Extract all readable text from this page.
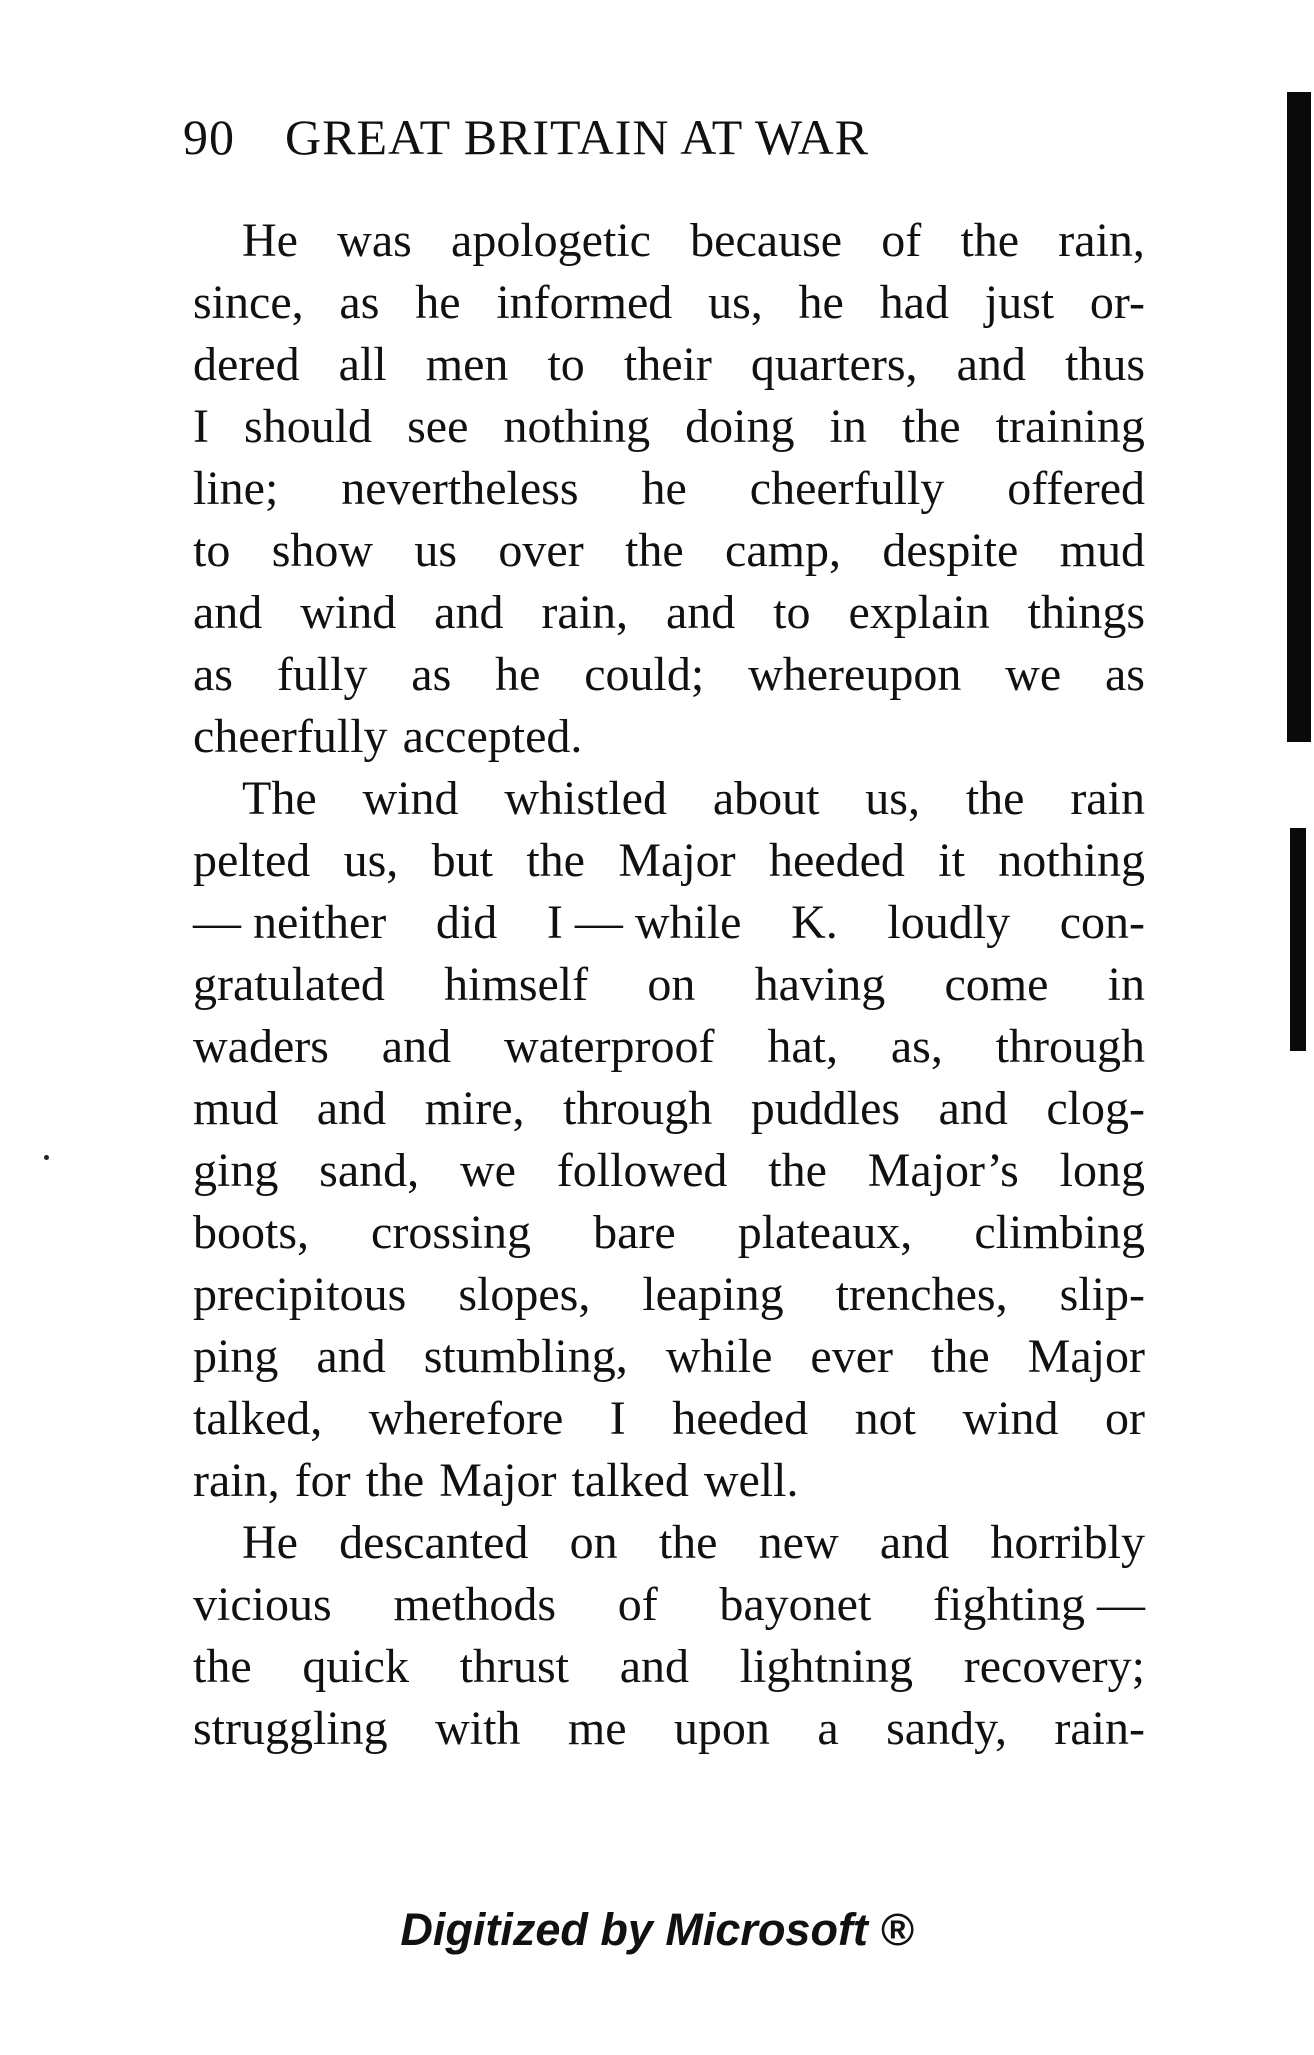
90 GREAT BRITAIN AT WAR
He was apologetic because of the rain,
since, as he informed us, he had just or-
dered all men to their quarters, and thus
I should see nothing doing in the training
line; nevertheless he cheerfully offered
to show us over the camp, despite mud
and wind and rain, and to explain things
as fully as he could; whereupon we as
cheerfully accepted.
The wind whistled about us, the rain
pelted us, but the Major heeded it nothing
— neither did I — while K. loudly con-
gratulated himself on having come in
waders and waterproof hat, as, through
mud and mire, through puddles and clog-
ging sand, we followed the Major’s long
boots, crossing bare plateaux, climbing
precipitous slopes, leaping trenches, slip-
ping and stumbling, while ever the Major
talked, wherefore I heeded not wind or
rain, for the Major talked well.
He descanted on the new and horribly
vicious methods of bayonet fighting —
the quick thrust and lightning recovery;
struggling with me upon a sandy, rain-
Digitized by Microsoft ®
